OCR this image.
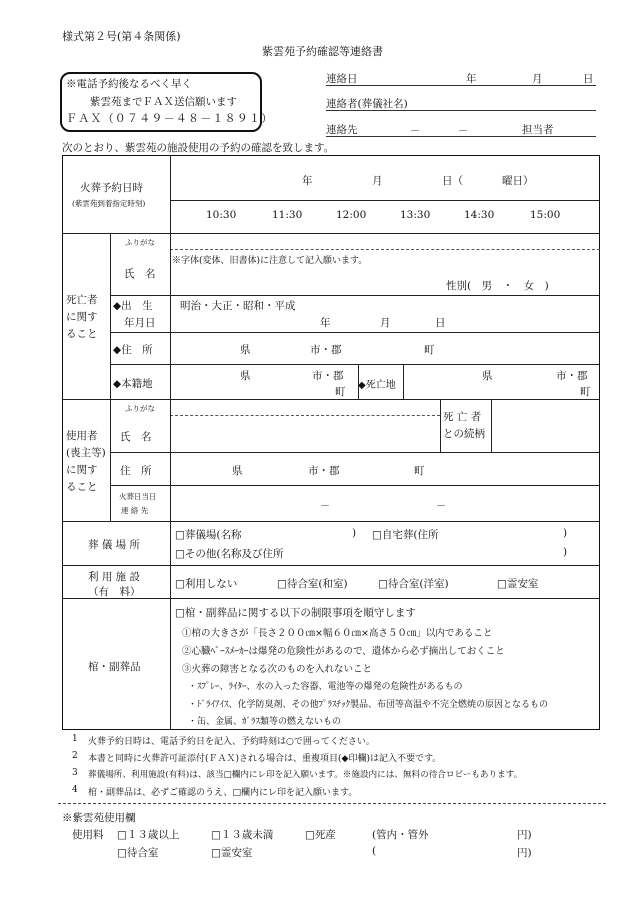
様式第２号(第４条関係)
紫雲苑予約確認等連絡書
※電話予約後なるべく早く
紫雲苑までＦＡＸ送信願います
ＦＡＸ（０７４９－４８－１８９１）
連絡日	年	月	日
連絡者(葬儀社名)
連絡先	－	－	担当者
次のとおり、紫雲苑の施設使用の予約の確認を致します。
火葬予約日時
(紫雲苑到着指定時刻)
年	月	日（	曜日）
10:30	11:30	12:00	13:30	14:30	15:00
死亡者
に関す
ること
ふりがな
氏　名
※字体(変体、旧書体)に注意して記入願います。
性別(　男　・　女　)
◆出　生
年月日
明治・大正・昭和・平成
年	月	日
◆住　所	県	市・郡	町
◆本籍地
県	市・郡
町
◆死亡地
県	市・郡
町
使用者
(喪主等)
に関す
ること
ふりがな
氏　名
死 亡 者
との続柄
住　所	県	市・郡	町
火葬日当日
連 絡 先	－	－
葬 儀 場 所
□葬儀場(名称	) □自宅葬(住所	)
□その他(名称及び住所	)
利 用 施 設
（有　料）
□利用しない	□待合室(和室)	□待合室(洋室)	□霊安室
棺・副葬品
□棺・副葬品に関する以下の制限事項を順守します
①棺の大きさが「長さ２００㎝×幅６０㎝×高さ５０㎝」以内であること
②心臓ﾍﾟｰｽﾒｰｶｰは爆発の危険性があるので、遺体から必ず摘出しておくこと
③火葬の障害となる次のものを入れないこと
・ｽﾌﾟﾚｰ、ﾗｲﾀｰ、水の入った容器、電池等の爆発の危険性があるもの
・ﾄﾞﾗｲｱｲｽ、化学防臭剤、その他ﾌﾟﾗｽﾁｯｸ製品、布団等高温や不完全燃焼の原因となるもの
・缶、金属、ｶﾞﾗｽ類等の燃えないもの
1 火葬予約日時は、電話予約日を記入、予約時刻は○で囲ってください。
2 本書と同時に火葬許可証添付(ＦＡＸ)される場合は、重複項目(◆印欄)は記入不要です。
3 葬儀場所、利用施設(有料)は、該当□欄内にレ印を記入願います。※施設内には、無料の待合ロビーもあります。
4 棺・副葬品は、必ずご確認のうえ、□欄内にレ印を記入願います。
※紫雲苑使用欄
使用料 □１３歳以上	□１３歳未満	□死産	(管内・管外	円)
□待合室	□霊安室	(	円)
